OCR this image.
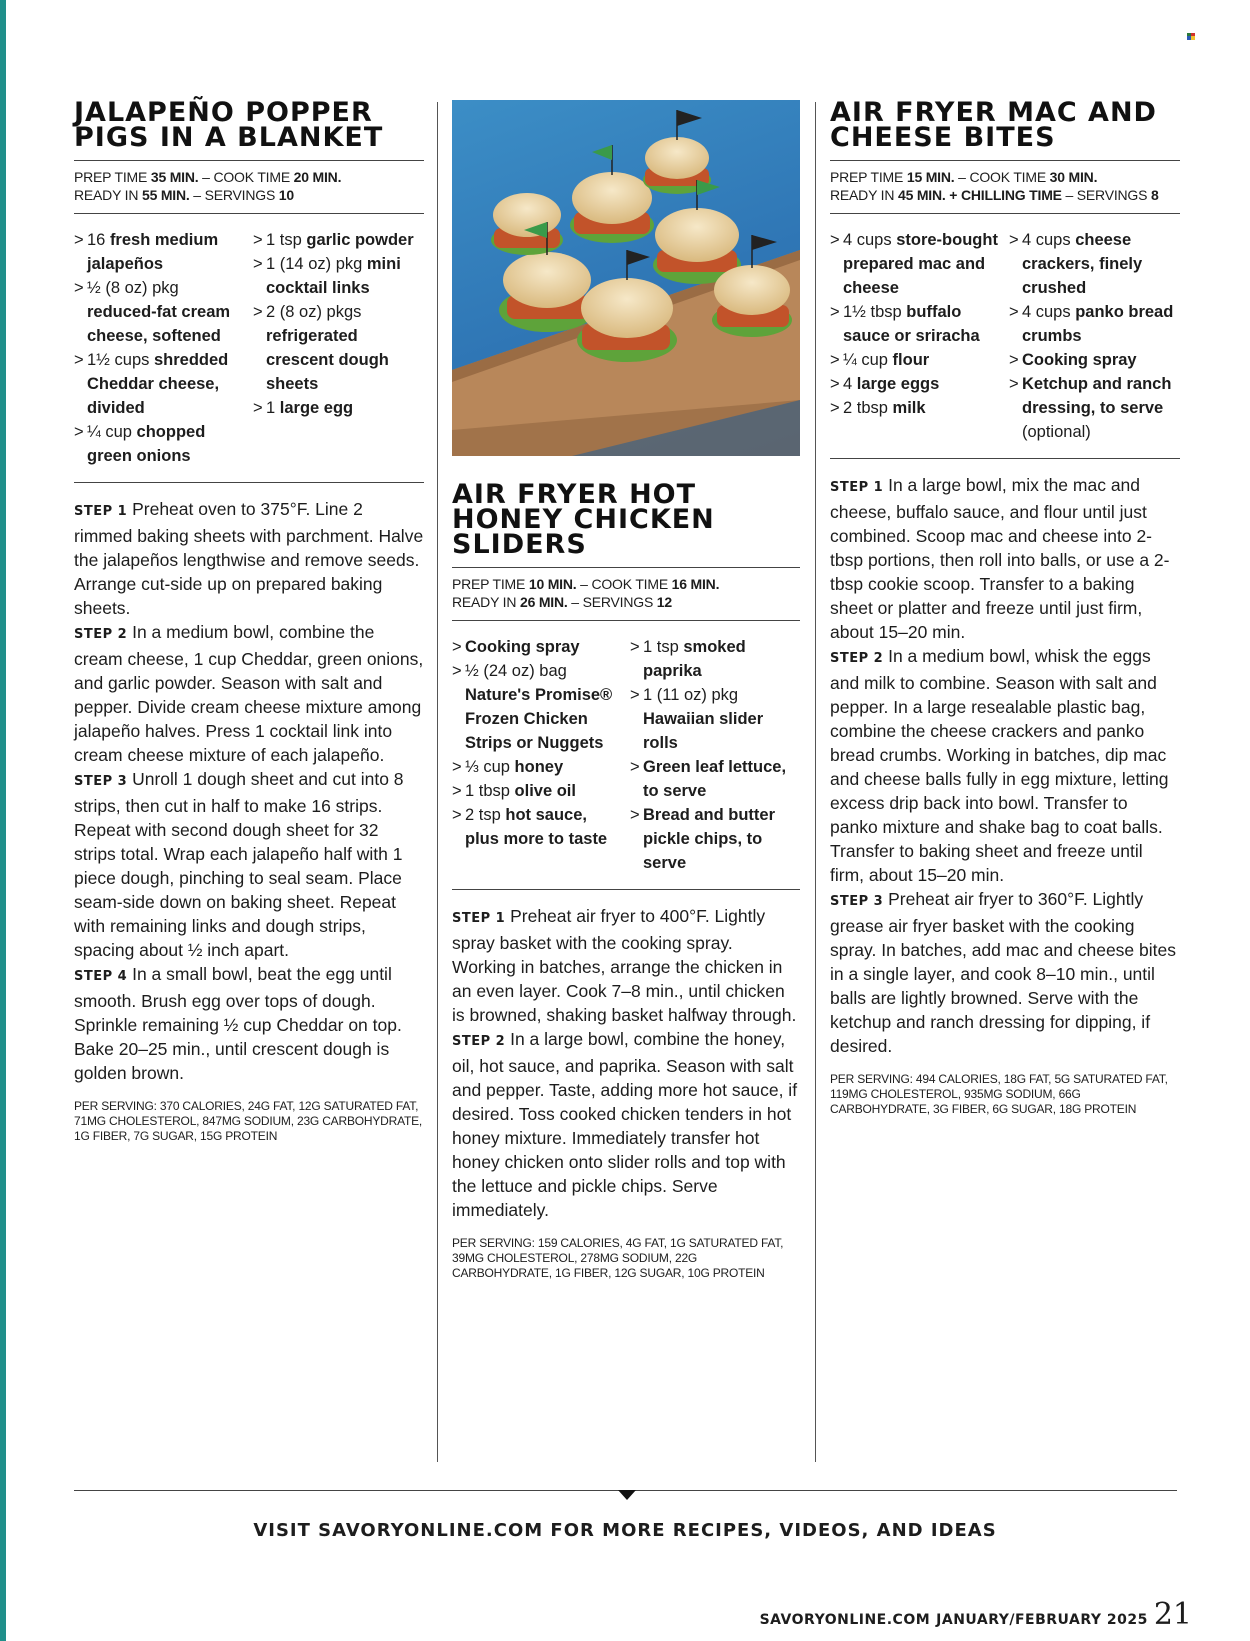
JALAPEÑO POPPER PIGS IN A BLANKET
PREP TIME 35 MIN. – COOK TIME 20 MIN.
READY IN 55 MIN. – SERVINGS 10
> 16 fresh medium jalapeños
> ½ (8 oz) pkg reduced-fat cream cheese, softened
> 1½ cups shredded Cheddar cheese, divided
> ¼ cup chopped green onions
> 1 tsp garlic powder
> 1 (14 oz) pkg mini cocktail links
> 2 (8 oz) pkgs refrigerated crescent dough sheets
> 1 large egg
STEP 1 Preheat oven to 375°F. Line 2 rimmed baking sheets with parchment. Halve the jalapeños lengthwise and remove seeds. Arrange cut-side up on prepared baking sheets.
STEP 2 In a medium bowl, combine the cream cheese, 1 cup Cheddar, green onions, and garlic powder. Season with salt and pepper. Divide cream cheese mixture among jalapeño halves. Press 1 cocktail link into cream cheese mixture of each jalapeño.
STEP 3 Unroll 1 dough sheet and cut into 8 strips, then cut in half to make 16 strips. Repeat with second dough sheet for 32 strips total. Wrap each jalapeño half with 1 piece dough, pinching to seal seam. Place seam-side down on baking sheet. Repeat with remaining links and dough strips, spacing about ½ inch apart.
STEP 4 In a small bowl, beat the egg until smooth. Brush egg over tops of dough. Sprinkle remaining ½ cup Cheddar on top. Bake 20–25 min., until crescent dough is golden brown.
PER SERVING: 370 CALORIES, 24G FAT, 12G SATURATED FAT, 71MG CHOLESTEROL, 847MG SODIUM, 23G CARBOHYDRATE, 1G FIBER, 7G SUGAR, 15G PROTEIN
AIR FRYER HOT HONEY CHICKEN SLIDERS
PREP TIME 10 MIN. – COOK TIME 16 MIN.
READY IN 26 MIN. – SERVINGS 12
> Cooking spray
> ½ (24 oz) bag Nature's Promise® Frozen Chicken Strips or Nuggets
> ⅓ cup honey
> 1 tbsp olive oil
> 2 tsp hot sauce, plus more to taste
> 1 tsp smoked paprika
> 1 (11 oz) pkg Hawaiian slider rolls
> Green leaf lettuce, to serve
> Bread and butter pickle chips, to serve
STEP 1 Preheat air fryer to 400°F. Lightly spray basket with the cooking spray. Working in batches, arrange the chicken in an even layer. Cook 7–8 min., until chicken is browned, shaking basket halfway through.
STEP 2 In a large bowl, combine the honey, oil, hot sauce, and paprika. Season with salt and pepper. Taste, adding more hot sauce, if desired. Toss cooked chicken tenders in hot honey mixture. Immediately transfer hot honey chicken onto slider rolls and top with the lettuce and pickle chips. Serve immediately.
PER SERVING: 159 CALORIES, 4G FAT, 1G SATURATED FAT, 39MG CHOLESTEROL, 278MG SODIUM, 22G CARBOHYDRATE, 1G FIBER, 12G SUGAR, 10G PROTEIN
AIR FRYER MAC AND CHEESE BITES
PREP TIME 15 MIN. – COOK TIME 30 MIN.
READY IN 45 MIN. + CHILLING TIME – SERVINGS 8
> 4 cups store-bought prepared mac and cheese
> 1½ tbsp buffalo sauce or sriracha
> ¼ cup flour
> 4 large eggs
> 2 tbsp milk
> 4 cups cheese crackers, finely crushed
> 4 cups panko bread crumbs
> Cooking spray
> Ketchup and ranch dressing, to serve (optional)
STEP 1 In a large bowl, mix the mac and cheese, buffalo sauce, and flour until just combined. Scoop mac and cheese into 2-tbsp portions, then roll into balls, or use a 2-tbsp cookie scoop. Transfer to a baking sheet or platter and freeze until just firm, about 15–20 min.
STEP 2 In a medium bowl, whisk the eggs and milk to combine. Season with salt and pepper. In a large resealable plastic bag, combine the cheese crackers and panko bread crumbs. Working in batches, dip mac and cheese balls fully in egg mixture, letting excess drip back into bowl. Transfer to panko mixture and shake bag to coat balls. Transfer to baking sheet and freeze until firm, about 15–20 min.
STEP 3 Preheat air fryer to 360°F. Lightly grease air fryer basket with the cooking spray. In batches, add mac and cheese bites in a single layer, and cook 8–10 min., until balls are lightly browned. Serve with the ketchup and ranch dressing for dipping, if desired.
PER SERVING: 494 CALORIES, 18G FAT, 5G SATURATED FAT, 119MG CHOLESTEROL, 935MG SODIUM, 66G CARBOHYDRATE, 3G FIBER, 6G SUGAR, 18G PROTEIN
VISIT SAVORYONLINE.COM FOR MORE RECIPES, VIDEOS, AND IDEAS
SAVORYONLINE.COM JANUARY/FEBRUARY 2025 21
